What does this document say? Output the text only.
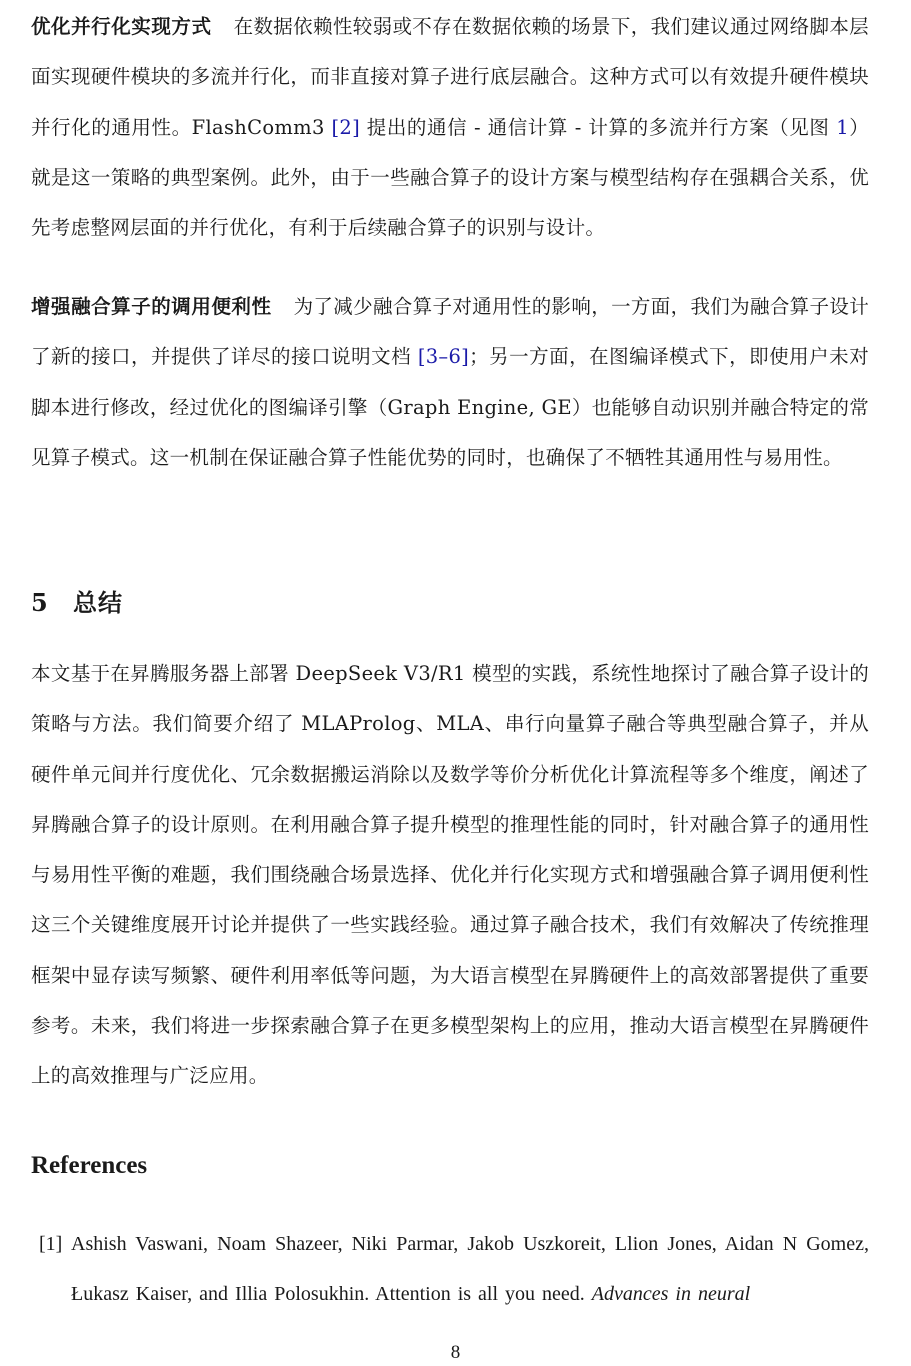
优化并行化实现方式 在数据依赖性较弱或不存在数据依赖的场景下，我们建议通过网络脚本层面实现硬件模块的多流并行化，而非直接对算子进行底层融合。这种方式可以有效提升硬件模块并行化的通用性。FlashComm3 [2] 提出的通信 - 通信计算 - 计算的多流并行方案（见图 1）就是这一策略的典型案例。此外，由于一些融合算子的设计方案与模型结构存在强耦合关系，优先考虑整网层面的并行优化，有利于后续融合算子的识别与设计。

增强融合算子的调用便利性 为了减少融合算子对通用性的影响，一方面，我们为融合算子设计了新的接口，并提供了详尽的接口说明文档 [3–6]；另一方面，在图编译模式下，即使用户未对脚本进行修改，经过优化的图编译引擎（Graph Engine, GE）也能够自动识别并融合特定的常见算子模式。这一机制在保证融合算子性能优势的同时，也确保了不牺牲其通用性与易用性。

5 总结

本文基于在昇腾服务器上部署 DeepSeek V3/R1 模型的实践，系统性地探讨了融合算子设计的策略与方法。我们简要介绍了 MLAProlog、MLA、串行向量算子融合等典型融合算子，并从硬件单元间并行度优化、冗余数据搬运消除以及数学等价分析优化计算流程等多个维度，阐述了昇腾融合算子的设计原则。在利用融合算子提升模型的推理性能的同时，针对融合算子的通用性与易用性平衡的难题，我们围绕融合场景选择、优化并行化实现方式和增强融合算子调用便利性这三个关键维度展开讨论并提供了一些实践经验。通过算子融合技术，我们有效解决了传统推理框架中显存读写频繁、硬件利用率低等问题，为大语言模型在昇腾硬件上的高效部署提供了重要参考。未来，我们将进一步探索融合算子在更多模型架构上的应用，推动大语言模型在昇腾硬件上的高效推理与广泛应用。

References
[1] Ashish Vaswani, Noam Shazeer, Niki Parmar, Jakob Uszkoreit, Llion Jones, Aidan N Gomez, Łukasz Kaiser, and Illia Polosukhin. Attention is all you need. Advances in neural
8
